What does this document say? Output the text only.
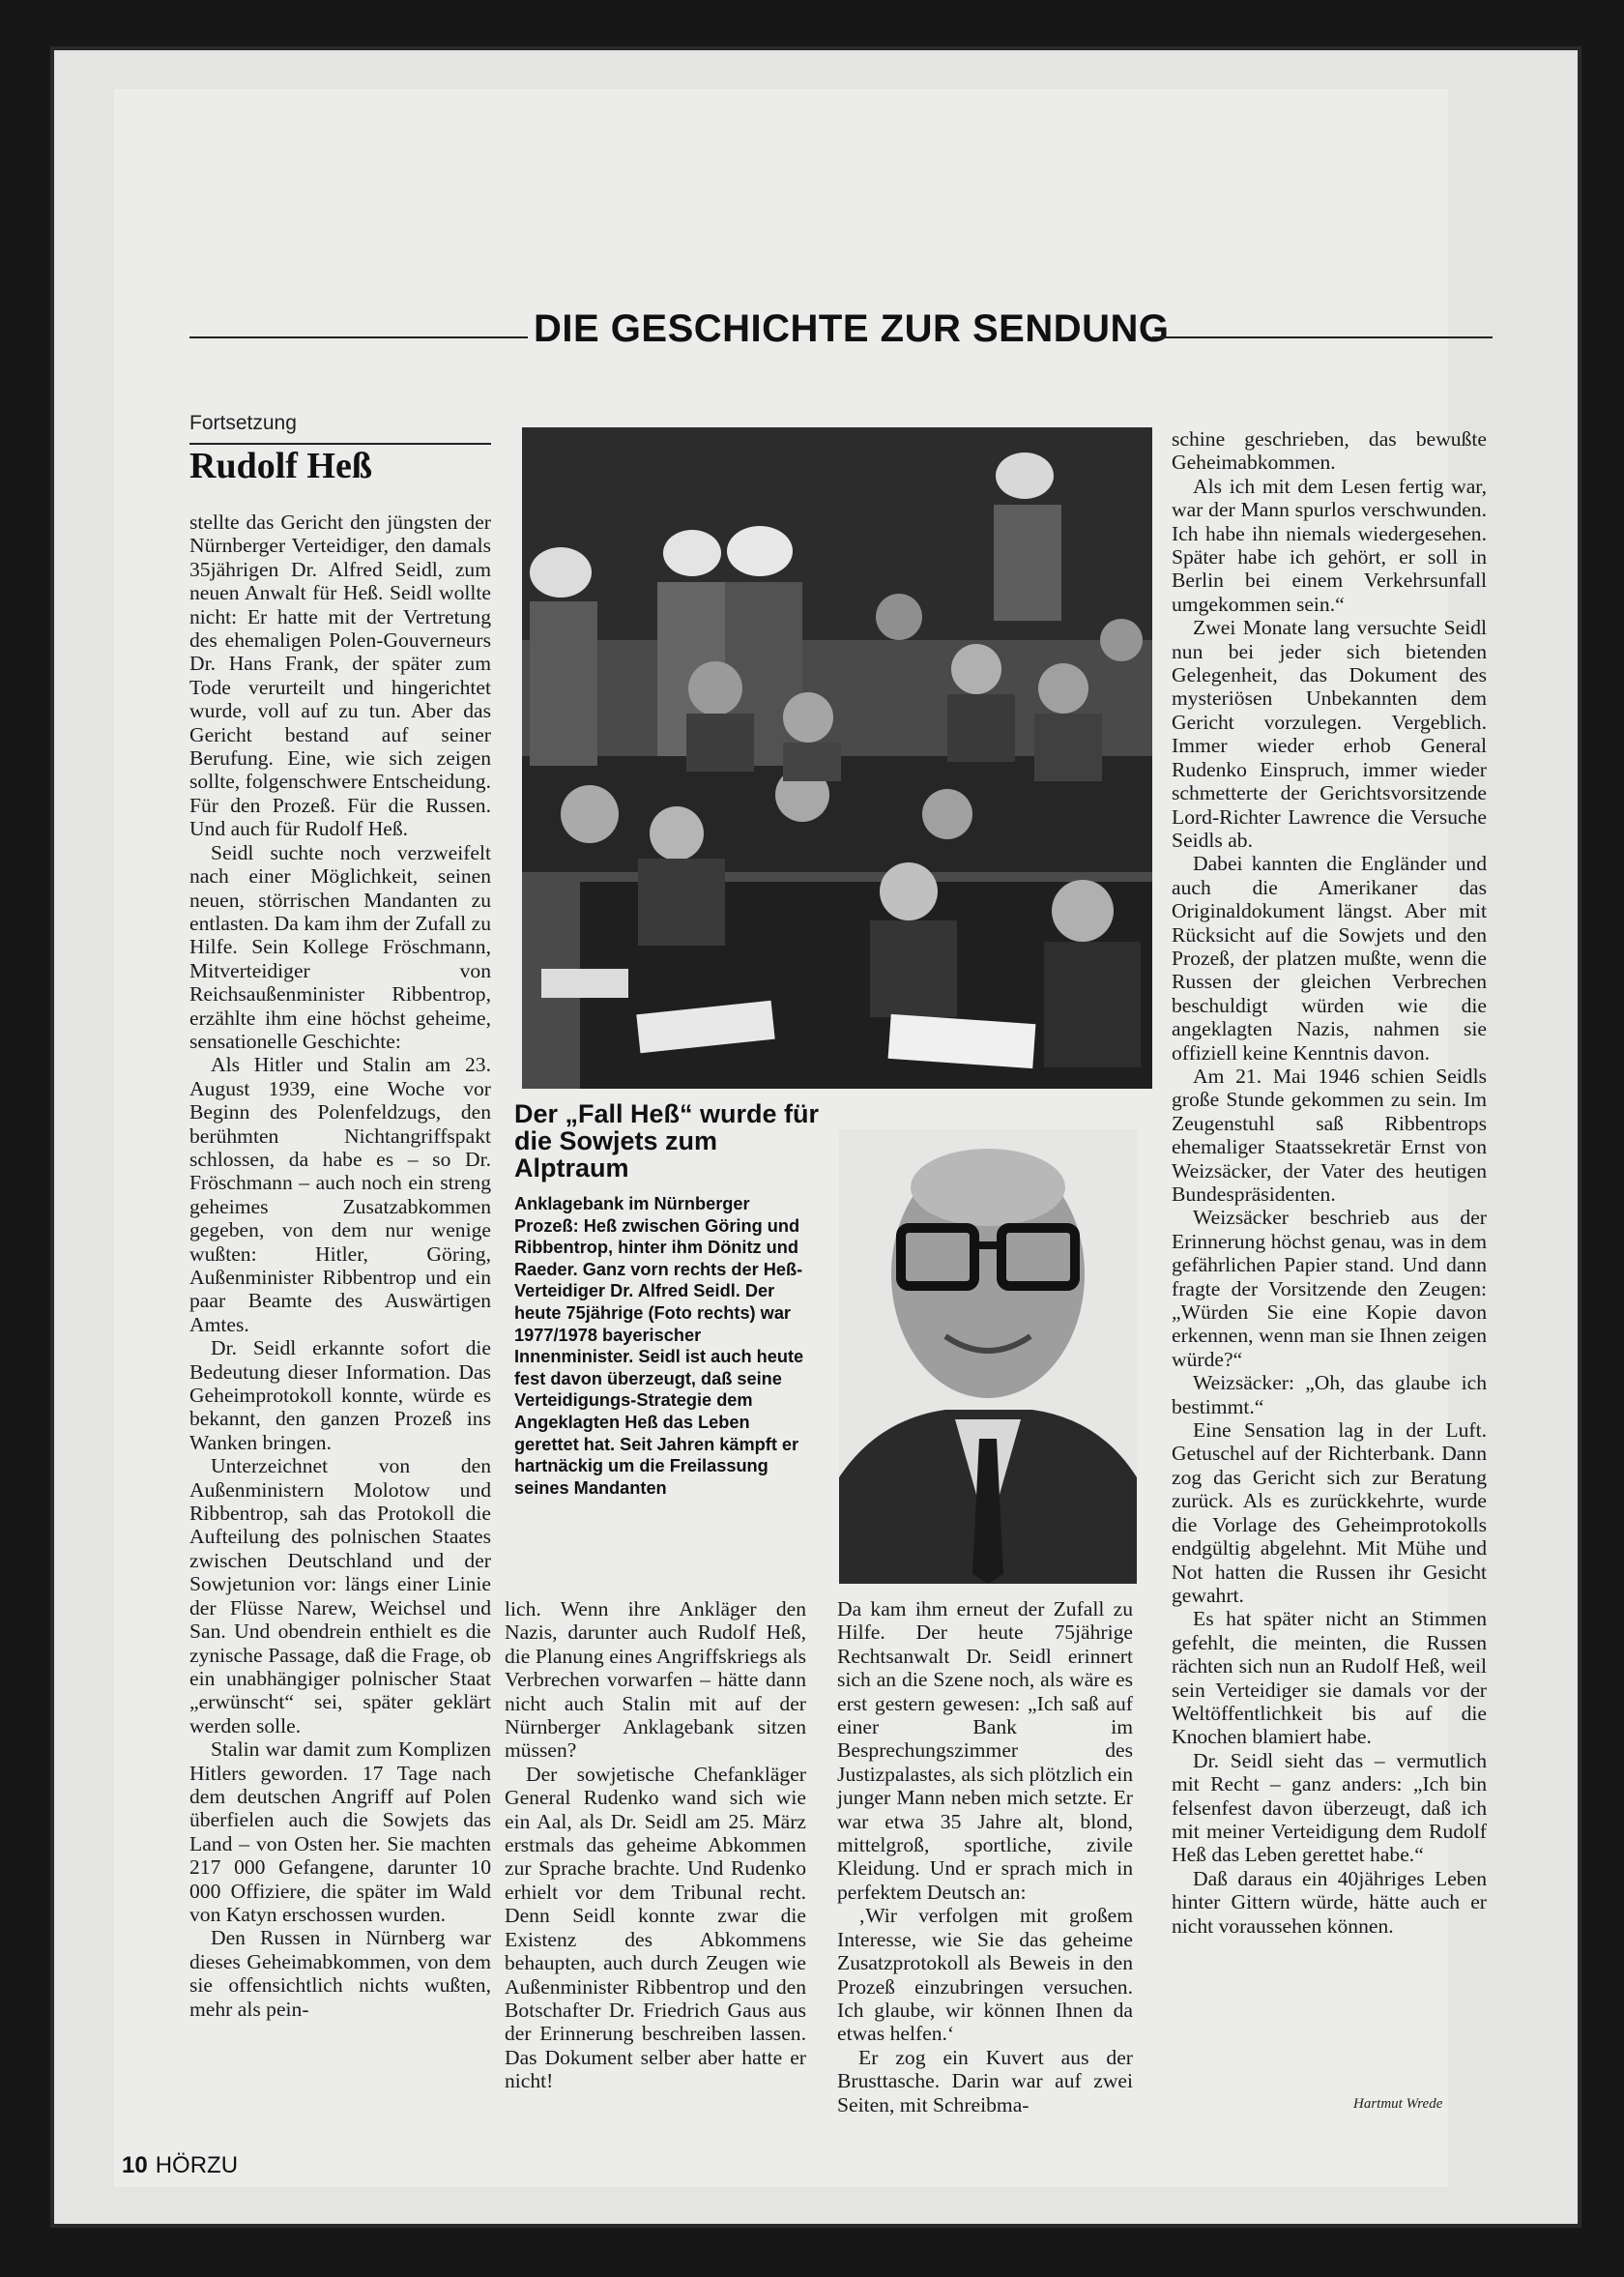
DIE GESCHICHTE ZUR SENDUNG
Fortsetzung
Rudolf Heß

stellte das Gericht den jüngsten der Nürnberger Verteidiger, den damals 35jährigen Dr. Alfred Seidl, zum neuen Anwalt für Heß. Seidl wollte nicht: Er hatte mit der Vertretung des ehemaligen Polen-Gouverneurs Dr. Hans Frank, der später zum Tode verurteilt und hingerichtet wurde, voll auf zu tun. Aber das Gericht bestand auf seiner Berufung. Eine, wie sich zeigen sollte, folgenschwere Entscheidung. Für den Prozeß. Für die Russen. Und auch für Rudolf Heß.

Seidl suchte noch verzweifelt nach einer Möglichkeit, seinen neuen, störrischen Mandanten zu entlasten. Da kam ihm der Zufall zu Hilfe. Sein Kollege Fröschmann, Mitverteidiger von Reichsaußenminister Ribbentrop, erzählte ihm eine höchst geheime, sensationelle Geschichte:

Als Hitler und Stalin am 23. August 1939, eine Woche vor Beginn des Polenfeldzugs, den berühmten Nichtangriffspakt schlossen, da habe es – so Dr. Fröschmann – auch noch ein streng geheimes Zusatzabkommen gegeben, von dem nur wenige wußten: Hitler, Göring, Außenminister Ribbentrop und ein paar Beamte des Auswärtigen Amtes.

Dr. Seidl erkannte sofort die Bedeutung dieser Information. Das Geheimprotokoll konnte, würde es bekannt, den ganzen Prozeß ins Wanken bringen.

Unterzeichnet von den Außenministern Molotow und Ribbentrop, sah das Protokoll die Aufteilung des polnischen Staates zwischen Deutschland und der Sowjetunion vor: längs einer Linie der Flüsse Narew, Weichsel und San. Und obendrein enthielt es die zynische Passage, daß die Frage, ob ein unabhängiger polnischer Staat „erwünscht“ sei, später geklärt werden solle.

Stalin war damit zum Komplizen Hitlers geworden. 17 Tage nach dem deutschen Angriff auf Polen überfielen auch die Sowjets das Land – von Osten her. Sie machten 217 000 Gefangene, darunter 10 000 Offiziere, die später im Wald von Katyn erschossen wurden.

Den Russen in Nürnberg war dieses Geheimabkommen, von dem sie offensichtlich nichts wußten, mehr als pein-

Der „Fall Heß“ wurde für die Sowjets zum Alptraum
Anklagebank im Nürnberger Prozeß: Heß zwischen Göring und Ribbentrop, hinter ihm Dönitz und Raeder. Ganz vorn rechts der Heß-Verteidiger Dr. Alfred Seidl. Der heute 75jährige (Foto rechts) war 1977/1978 bayerischer Innenminister. Seidl ist auch heute fest davon überzeugt, daß seine Verteidigungs-Strategie dem Angeklagten Heß das Leben gerettet hat. Seit Jahren kämpft er hartnäckig um die Freilassung seines Mandanten

lich. Wenn ihre Ankläger den Nazis, darunter auch Rudolf Heß, die Planung eines Angriffskriegs als Verbrechen vorwarfen – hätte dann nicht auch Stalin mit auf der Nürnberger Anklagebank sitzen müssen?

Der sowjetische Chefankläger General Rudenko wand sich wie ein Aal, als Dr. Seidl am 25. März erstmals das geheime Abkommen zur Sprache brachte. Und Rudenko erhielt vor dem Tribunal recht. Denn Seidl konnte zwar die Existenz des Abkommens behaupten, auch durch Zeugen wie Außenminister Ribbentrop und den Botschafter Dr. Friedrich Gaus aus der Erinnerung beschreiben lassen. Das Dokument selber aber hatte er nicht!

Da kam ihm erneut der Zufall zu Hilfe. Der heute 75jährige Rechtsanwalt Dr. Seidl erinnert sich an die Szene noch, als wäre es erst gestern gewesen: „Ich saß auf einer Bank im Besprechungszimmer des Justizpalastes, als sich plötzlich ein junger Mann neben mich setzte. Er war etwa 35 Jahre alt, blond, mittelgroß, sportliche, zivile Kleidung. Und er sprach mich in perfektem Deutsch an:

‚Wir verfolgen mit großem Interesse, wie Sie das geheime Zusatzprotokoll als Beweis in den Prozeß einzubringen versuchen. Ich glaube, wir können Ihnen da etwas helfen.‘

Er zog ein Kuvert aus der Brusttasche. Darin war auf zwei Seiten, mit Schreibma-

schine geschrieben, das bewußte Geheimabkommen.

Als ich mit dem Lesen fertig war, war der Mann spurlos verschwunden. Ich habe ihn niemals wiedergesehen. Später habe ich gehört, er soll in Berlin bei einem Verkehrsunfall umgekommen sein.“

Zwei Monate lang versuchte Seidl nun bei jeder sich bietenden Gelegenheit, das Dokument des mysteriösen Unbekannten dem Gericht vorzulegen. Vergeblich. Immer wieder erhob General Rudenko Einspruch, immer wieder schmetterte der Gerichtsvorsitzende Lord-Richter Lawrence die Versuche Seidls ab.

Dabei kannten die Engländer und auch die Amerikaner das Originaldokument längst. Aber mit Rücksicht auf die Sowjets und den Prozeß, der platzen mußte, wenn die Russen der gleichen Verbrechen beschuldigt würden wie die angeklagten Nazis, nahmen sie offiziell keine Kenntnis davon.

Am 21. Mai 1946 schien Seidls große Stunde gekommen zu sein. Im Zeugenstuhl saß Ribbentrops ehemaliger Staatssekretär Ernst von Weizsäcker, der Vater des heutigen Bundespräsidenten.

Weizsäcker beschrieb aus der Erinnerung höchst genau, was in dem gefährlichen Papier stand. Und dann fragte der Vorsitzende den Zeugen: „Würden Sie eine Kopie davon erkennen, wenn man sie Ihnen zeigen würde?“

Weizsäcker: „Oh, das glaube ich bestimmt.“

Eine Sensation lag in der Luft. Getuschel auf der Richterbank. Dann zog das Gericht sich zur Beratung zurück. Als es zurückkehrte, wurde die Vorlage des Geheimprotokolls endgültig abgelehnt. Mit Mühe und Not hatten die Russen ihr Gesicht gewahrt.

Es hat später nicht an Stimmen gefehlt, die meinten, die Russen rächten sich nun an Rudolf Heß, weil sein Verteidiger sie damals vor der Weltöffentlichkeit bis auf die Knochen blamiert habe.

Dr. Seidl sieht das – vermutlich mit Recht – ganz anders: „Ich bin felsenfest davon überzeugt, daß ich mit meiner Verteidigung dem Rudolf Heß das Leben gerettet habe.“

Daß daraus ein 40jähriges Leben hinter Gittern würde, hätte auch er nicht voraussehen können.

Hartmut Wrede
10 HÖRZU
